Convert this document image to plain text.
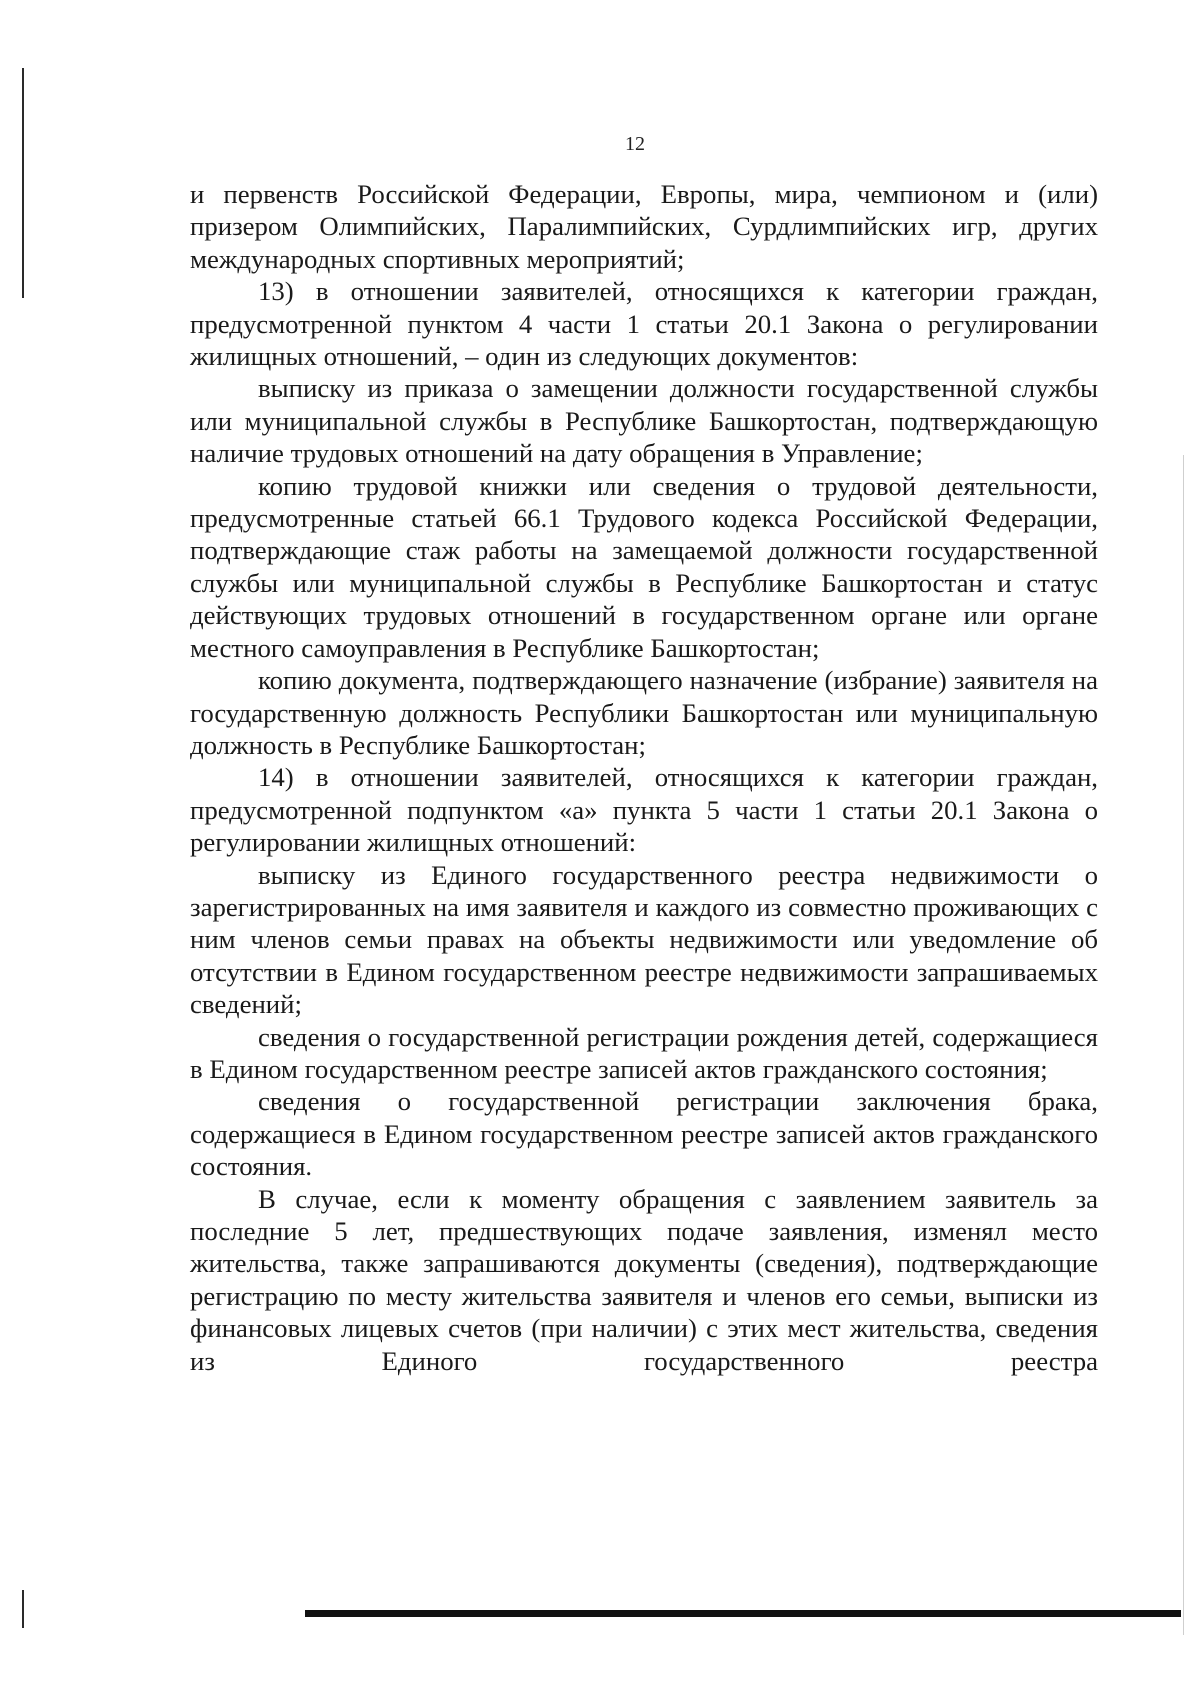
12

и первенств Российской Федерации, Европы, мира, чемпионом и (или) призером Олимпийских, Паралимпийских, Сурдлимпийских игр, других международных спортивных мероприятий;

13) в отношении заявителей, относящихся к категории граждан, предусмотренной пунктом 4 части 1 статьи 20.1 Закона о регулировании жилищных отношений, – один из следующих документов:

выписку из приказа о замещении должности государственной службы или муниципальной службы в Республике Башкортостан, подтверждающую наличие трудовых отношений на дату обращения в Управление;

копию трудовой книжки или сведения о трудовой деятельности, предусмотренные статьей 66.1 Трудового кодекса Российской Федерации, подтверждающие стаж работы на замещаемой должности государственной службы или муниципальной службы в Республике Башкортостан и статус действующих трудовых отношений в государственном органе или органе местного самоуправления в Республике Башкортостан;

копию документа, подтверждающего назначение (избрание) заявителя на государственную должность Республики Башкортостан или муниципальную должность в Республике Башкортостан;

14) в отношении заявителей, относящихся к категории граждан, предусмотренной подпунктом «а» пункта 5 части 1 статьи 20.1 Закона о регулировании жилищных отношений:

выписку из Единого государственного реестра недвижимости о зарегистрированных на имя заявителя и каждого из совместно проживающих с ним членов семьи правах на объекты недвижимости или уведомление об отсутствии в Едином государственном реестре недвижимости запрашиваемых сведений;

сведения о государственной регистрации рождения детей, содержащиеся в Едином государственном реестре записей актов гражданского состояния;

сведения о государственной регистрации заключения брака, содержащиеся в Едином государственном реестре записей актов гражданского состояния.

В случае, если к моменту обращения с заявлением заявитель за последние 5 лет, предшествующих подаче заявления, изменял место жительства, также запрашиваются документы (сведения), подтверждающие регистрацию по месту жительства заявителя и членов его семьи, выписки из финансовых лицевых счетов (при наличии) с этих мест жительства, сведения из Единого государственного реестра
